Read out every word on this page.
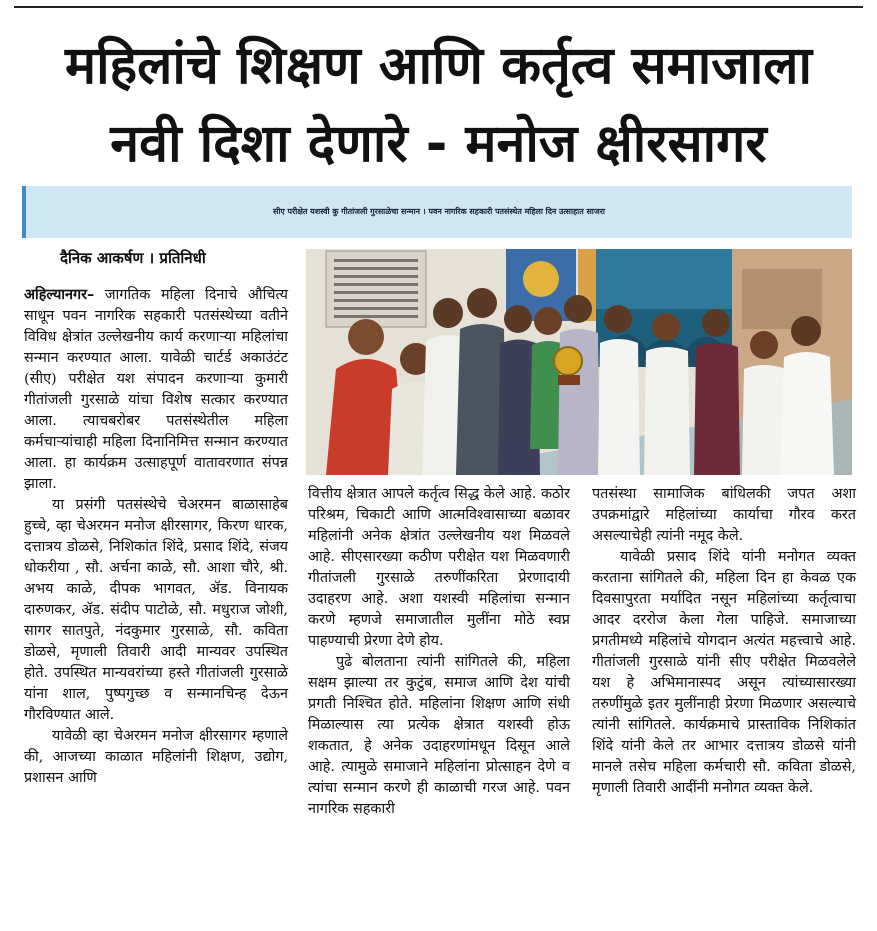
महिलांचे शिक्षण आणि कर्तृत्व समाजाला
नवी दिशा देणारे - मनोज क्षीरसागर
सीए परीक्षेत यशस्वी कु गीतांजली गुरसाळेचा सन्मान । पवन नागरिक सहकारी पतसंस्थेत महिला दिन उत्साहात साजरा
दैनिक आकर्षण । प्रतिनिधी

अहिल्यानगर– जागतिक महिला दिनाचे औचित्य साधून पवन नागरिक सहकारी पतसंस्थेच्या वतीने विविध क्षेत्रांत उल्लेखनीय कार्य करणाऱ्या महिलांचा सन्मान करण्यात आला. यावेळी चार्टर्ड अकाउंटंट (सीए) परीक्षेत यश संपादन करणाऱ्या कुमारी गीतांजली गुरसाळे यांचा विशेष सत्कार करण्यात आला. त्याचबरोबर पतसंस्थेतील महिला कर्मचाऱ्यांचाही महिला दिनानिमित्त सन्मान करण्यात आला. हा कार्यक्रम उत्साहपूर्ण वातावरणात संपन्न झाला.

या प्रसंगी पतसंस्थेचे चेअरमन बाळासाहेब हुच्चे, व्हा चेअरमन मनोज क्षीरसागर, किरण धारक, दत्तात्रय डोळसे, निशिकांत शिंदे, प्रसाद शिंदे, संजय धोकरीया , सौ. अर्चना काळे, सौ. आशा चौरे, श्री. अभय काळे, दीपक भागवत, ॲड. विनायक दारुणकर, ॲड. संदीप पाटोळे, सौ. मधुराज जोशी, सागर सातपुते, नंदकुमार गुरसाळे, सौ. कविता डोळसे, मृणाली तिवारी आदी मान्यवर उपस्थित होते. उपस्थित मान्यवरांच्या हस्ते गीतांजली गुरसाळे यांना शाल, पुष्पगुच्छ व सन्मानचिन्ह देऊन गौरविण्यात आले.

यावेळी व्हा चेअरमन मनोज क्षीरसागर म्हणाले की, आजच्या काळात महिलांनी शिक्षण, उद्योग, प्रशासन आणि

वित्तीय क्षेत्रात आपले कर्तृत्व सिद्ध केले आहे. कठोर परिश्रम, चिकाटी आणि आत्मविश्वासाच्या बळावर महिलांनी अनेक क्षेत्रांत उल्लेखनीय यश मिळवले आहे. सीएसारख्या कठीण परीक्षेत यश मिळवणारी गीतांजली गुरसाळे तरुणींकरिता प्रेरणादायी उदाहरण आहे. अशा यशस्वी महिलांचा सन्मान करणे म्हणजे समाजातील मुलींना मोठे स्वप्न पाहण्याची प्रेरणा देणे होय.

पुढे बोलताना त्यांनी सांगितले की, महिला सक्षम झाल्या तर कुटुंब, समाज आणि देश यांची प्रगती निश्चित होते. महिलांना शिक्षण आणि संधी मिळाल्यास त्या प्रत्येक क्षेत्रात यशस्वी होऊ शकतात, हे अनेक उदाहरणांमधून दिसून आले आहे. त्यामुळे समाजाने महिलांना प्रोत्साहन देणे व त्यांचा सन्मान करणे ही काळाची गरज आहे. पवन नागरिक सहकारी

पतसंस्था सामाजिक बांधिलकी जपत अशा उपक्रमांद्वारे महिलांच्या कार्याचा गौरव करत असल्याचेही त्यांनी नमूद केले.

यावेळी प्रसाद शिंदे यांनी मनोगत व्यक्त करताना सांगितले की, महिला दिन हा केवळ एक दिवसापुरता मर्यादित नसून महिलांच्या कर्तृत्वाचा आदर दररोज केला गेला पाहिजे. समाजाच्या प्रगतीमध्ये महिलांचे योगदान अत्यंत महत्त्वाचे आहे. गीतांजली गुरसाळे यांनी सीए परीक्षेत मिळवलेले यश हे अभिमानास्पद असून त्यांच्यासारख्या तरुणींमुळे इतर मुलींनाही प्रेरणा मिळणार असल्याचे त्यांनी सांगितले. कार्यक्रमाचे प्रास्ताविक निशिकांत शिंदे यांनी केले तर आभार दत्तात्रय डोळसे यांनी मानले तसेच महिला कर्मचारी सौ. कविता डोळसे, मृणाली तिवारी आदींनी मनोगत व्यक्त केले.
